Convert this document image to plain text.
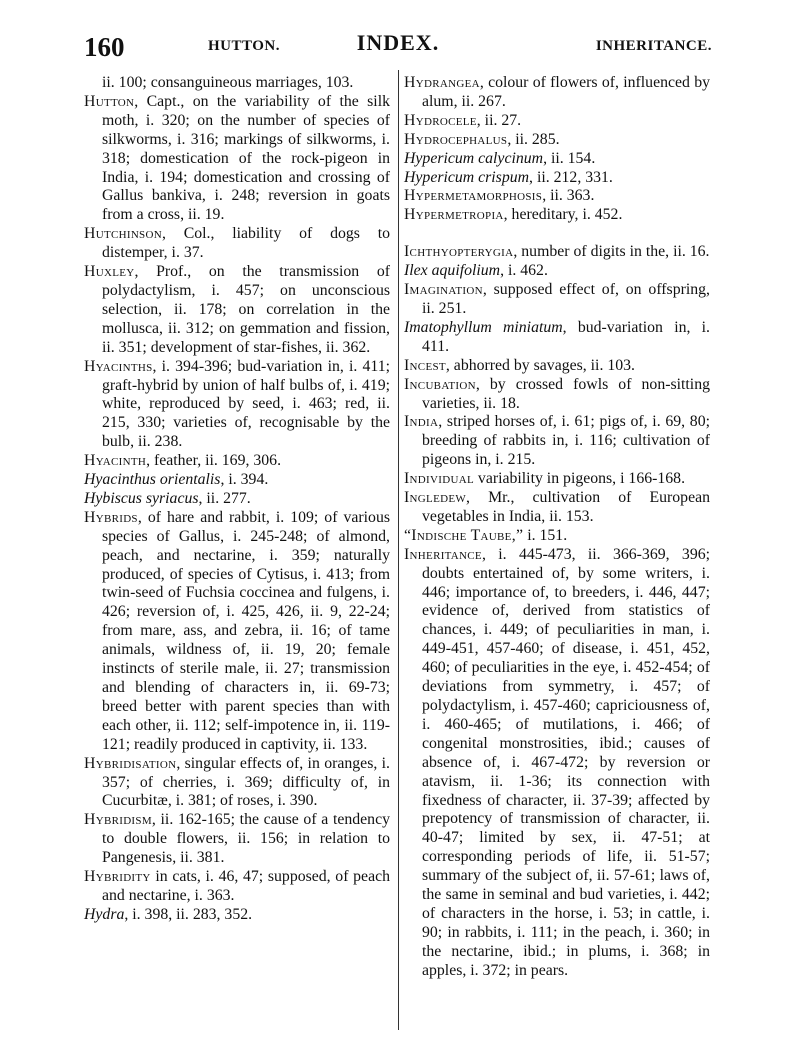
160	HUTTON.	INDEX.	INHERITANCE.

ii. 100; consanguineous marriages, 103.

Hutton, Capt., on the variability of the silk moth, i. 320; on the number of species of silkworms, i. 316; markings of silkworms, i. 318; domestication of the rock-pigeon in India, i. 194; domestication and crossing of Gallus bankiva, i. 248; reversion in goats from a cross, ii. 19.

Hutchinson, Col., liability of dogs to distemper, i. 37.

Huxley, Prof., on the transmission of polydactylism, i. 457; on unconscious selection, ii. 178; on correlation in the mollusca, ii. 312; on gemmation and fission, ii. 351; development of star-fishes, ii. 362.

Hyacinths, i. 394-396; bud-variation in, i. 411; graft-hybrid by union of half bulbs of, i. 419; white, reproduced by seed, i. 463; red, ii. 215, 330; varieties of, recognisable by the bulb, ii. 238.

Hyacinth, feather, ii. 169, 306.

Hyacinthus orientalis, i. 394.

Hybiscus syriacus, ii. 277.

Hybrids, of hare and rabbit, i. 109; of various species of Gallus, i. 245-248; of almond, peach, and nectarine, i. 359; naturally produced, of species of Cytisus, i. 413; from twin-seed of Fuchsia coccinea and fulgens, i. 426; reversion of, i. 425, 426, ii. 9, 22-24; from mare, ass, and zebra, ii. 16; of tame animals, wildness of, ii. 19, 20; female instincts of sterile male, ii. 27; transmission and blending of characters in, ii. 69-73; breed better with parent species than with each other, ii. 112; self-impotence in, ii. 119-121; readily produced in captivity, ii. 133.

Hybridisation, singular effects of, in oranges, i. 357; of cherries, i. 369; difficulty of, in Cucurbitæ, i. 381; of roses, i. 390.

Hybridism, ii. 162-165; the cause of a tendency to double flowers, ii. 156; in relation to Pangenesis, ii. 381.

Hybridity in cats, i. 46, 47; supposed, of peach and nectarine, i. 363.

Hydra, i. 398, ii. 283, 352.

Hydrangea, colour of flowers of, influenced by alum, ii. 267.

Hydrocele, ii. 27.

Hydrocephalus, ii. 285.

Hypericum calycinum, ii. 154.

Hypericum crispum, ii. 212, 331.

Hypermetamorphosis, ii. 363.

Hypermetropia, hereditary, i. 452.

Ichthyopterygia, number of digits in the, ii. 16.

Ilex aquifolium, i. 462.

Imagination, supposed effect of, on offspring, ii. 251.

Imatophyllum miniatum, bud-variation in, i. 411.

Incest, abhorred by savages, ii. 103.

Incubation, by crossed fowls of non-sitting varieties, ii. 18.

India, striped horses of, i. 61; pigs of, i. 69, 80; breeding of rabbits in, i. 116; cultivation of pigeons in, i. 215.

Individual variability in pigeons, i 166-168.

Ingledew, Mr., cultivation of European vegetables in India, ii. 153.

“Indische Taube,” i. 151.

Inheritance, i. 445-473, ii. 366-369, 396; doubts entertained of, by some writers, i. 446; importance of, to breeders, i. 446, 447; evidence of, derived from statistics of chances, i. 449; of peculiarities in man, i. 449-451, 457-460; of disease, i. 451, 452, 460; of peculiarities in the eye, i. 452-454; of deviations from symmetry, i. 457; of polydactylism, i. 457-460; capriciousness of, i. 460-465; of mutilations, i. 466; of congenital monstrosities, ibid.; causes of absence of, i. 467-472; by reversion or atavism, ii. 1-36; its connection with fixedness of character, ii. 37-39; affected by prepotency of transmission of character, ii. 40-47; limited by sex, ii. 47-51; at corresponding periods of life, ii. 51-57; summary of the subject of, ii. 57-61; laws of, the same in seminal and bud varieties, i. 442; of characters in the horse, i. 53; in cattle, i. 90; in rabbits, i. 111; in the peach, i. 360; in the nectarine, ibid.; in plums, i. 368; in apples, i. 372; in pears.
